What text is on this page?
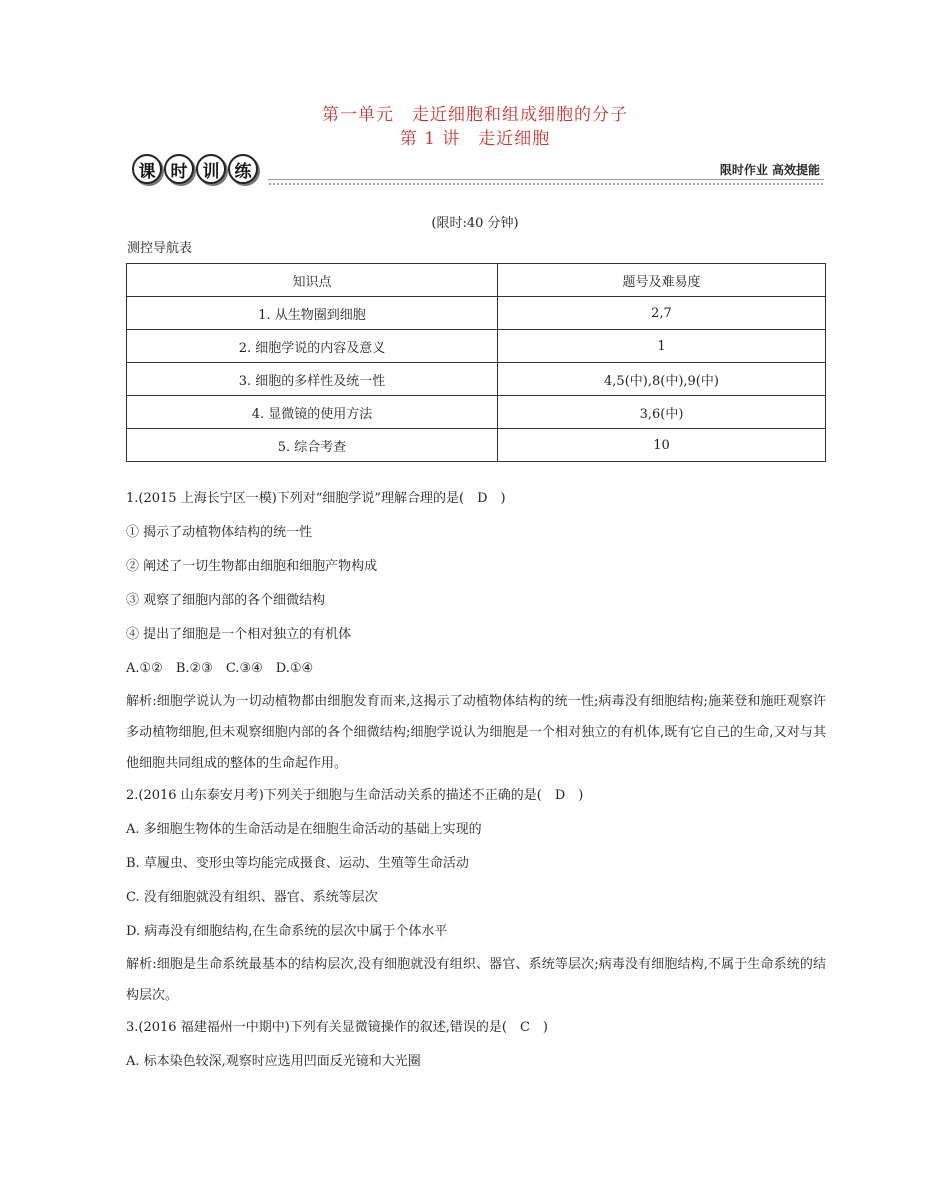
第一单元　走近细胞和组成细胞的分子
第 1 讲　走近细胞
课 时 训 练	限时作业 高效提能
(限时:40 分钟)
测控导航表
知识点	题号及难易度
1. 从生物圈到细胞	2,7
2. 细胞学说的内容及意义	1
3. 细胞的多样性及统一性	4,5(中),8(中),9(中)
4. 显微镜的使用方法	3,6(中)
5. 综合考查	10

1.(2015 上海长宁区一模)下列对“细胞学说”理解合理的是(　D　)

① 揭示了动植物体结构的统一性

② 阐述了一切生物都由细胞和细胞产物构成

③ 观察了细胞内部的各个细微结构

④ 提出了细胞是一个相对独立的有机体

A.①②　B.②③　C.③④　D.①④

解析:细胞学说认为一切动植物都由细胞发育而来,这揭示了动植物体结构的统一性;病毒没有细胞结构;施莱登和施旺观察许多动植物细胞,但未观察细胞内部的各个细微结构;细胞学说认为细胞是一个相对独立的有机体,既有它自己的生命,又对与其他细胞共同组成的整体的生命起作用。

2.(2016 山东泰安月考)下列关于细胞与生命活动关系的描述不正确的是(　D　)

A. 多细胞生物体的生命活动是在细胞生命活动的基础上实现的

B. 草履虫、变形虫等均能完成摄食、运动、生殖等生命活动

C. 没有细胞就没有组织、器官、系统等层次

D. 病毒没有细胞结构,在生命系统的层次中属于个体水平

解析:细胞是生命系统最基本的结构层次,没有细胞就没有组织、器官、系统等层次;病毒没有细胞结构,不属于生命系统的结构层次。

3.(2016 福建福州一中期中)下列有关显微镜操作的叙述,错误的是(　C　)

A. 标本染色较深,观察时应选用凹面反光镜和大光圈
